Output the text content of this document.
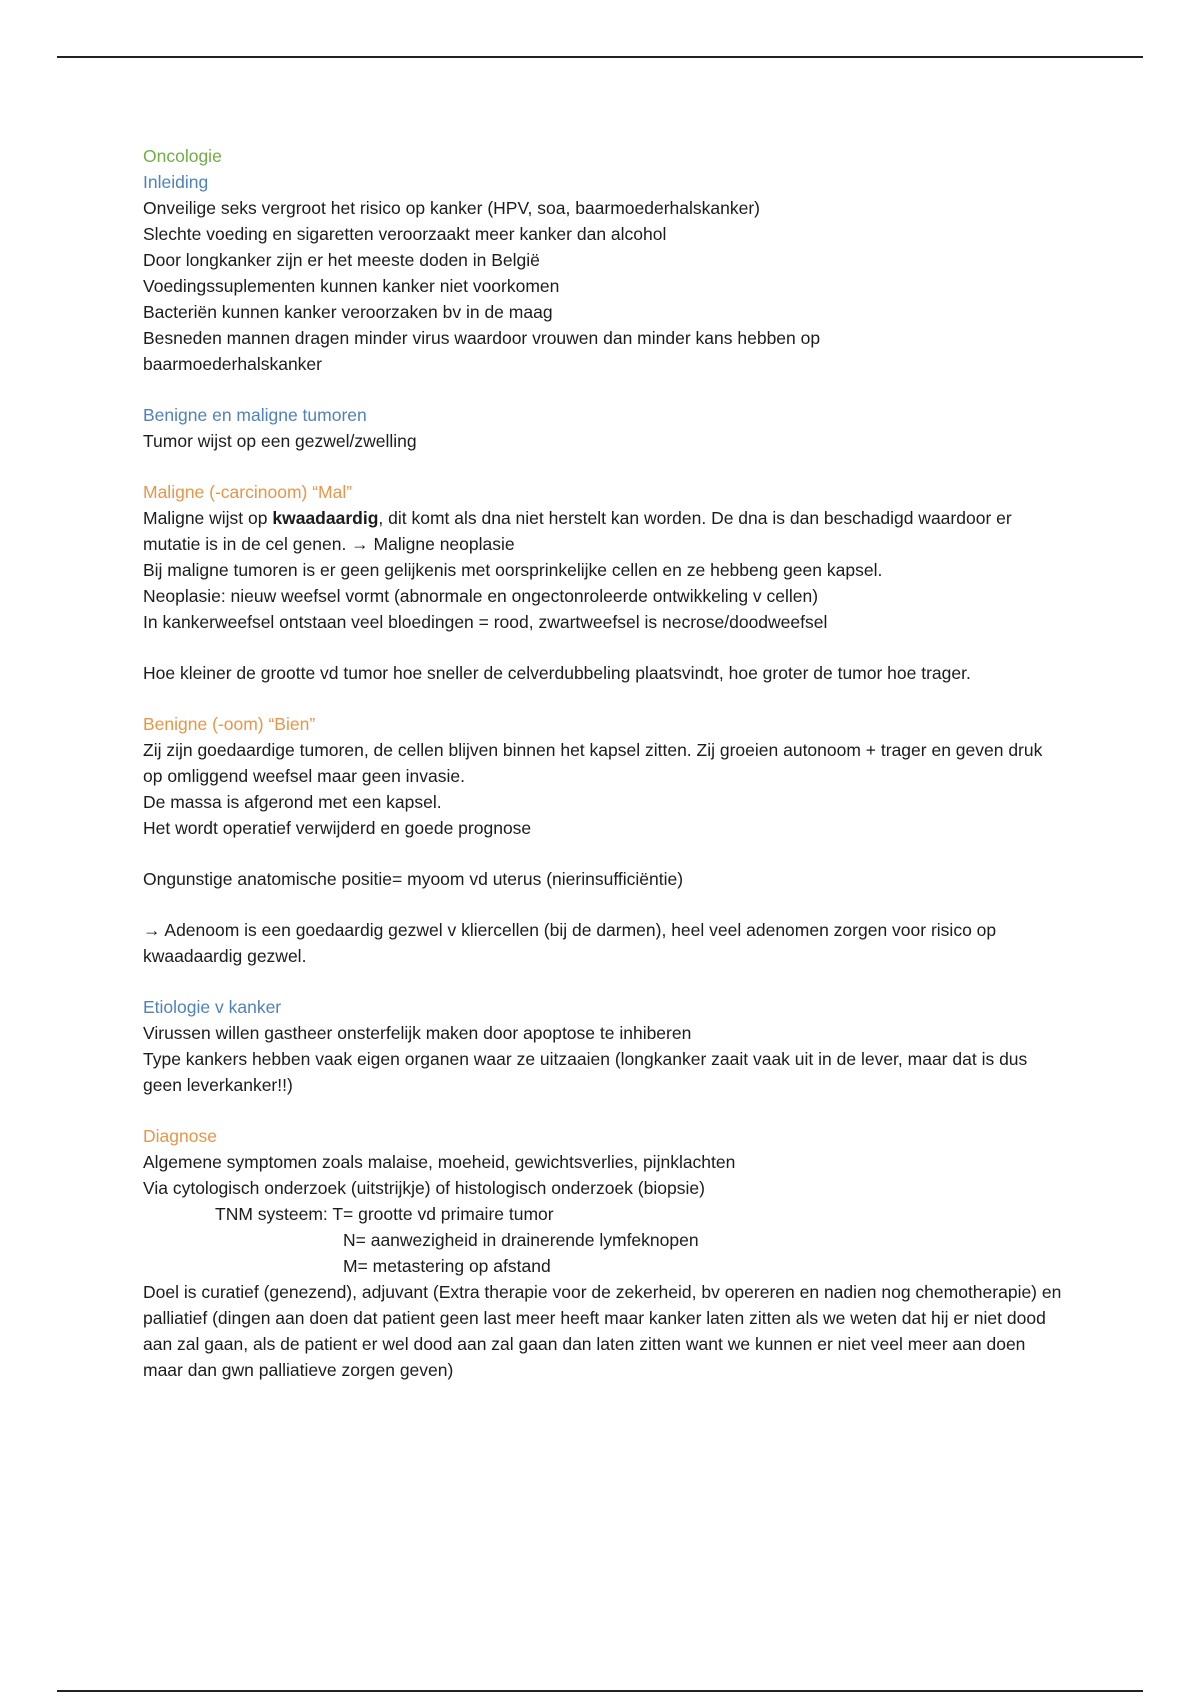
Oncologie

Inleiding

Onveilige seks vergroot het risico op kanker (HPV, soa, baarmoederhalskanker)

Slechte voeding en sigaretten veroorzaakt meer kanker dan alcohol

Door longkanker zijn er het meeste doden in België

Voedingssuplementen kunnen kanker niet voorkomen

Bacteriën kunnen kanker veroorzaken bv in de maag

Besneden mannen dragen minder virus waardoor vrouwen dan minder kans hebben op baarmoederhalskanker

Benigne en maligne tumoren

Tumor wijst op een gezwel/zwelling

Maligne (-carcinoom) “Mal”

Maligne wijst op kwaadaardig, dit komt als dna niet herstelt kan worden. De dna is dan beschadigd waardoor er mutatie is in de cel genen. → Maligne neoplasie

Bij maligne tumoren is er geen gelijkenis met oorsprinkelijke cellen en ze hebbeng geen kapsel.

Neoplasie: nieuw weefsel vormt (abnormale en ongectonroleerde ontwikkeling v cellen)

In kankerweefsel ontstaan veel bloedingen = rood, zwartweefsel is necrose/doodweefsel

Hoe kleiner de grootte vd tumor hoe sneller de celverdubbeling plaatsvindt, hoe groter de tumor hoe trager.

Benigne (-oom) “Bien”

Zij zijn goedaardige tumoren, de cellen blijven binnen het kapsel zitten. Zij groeien autonoom + trager en geven druk op omliggend weefsel maar geen invasie.

De massa is afgerond met een kapsel.

Het wordt operatief verwijderd en goede prognose

Ongunstige anatomische positie= myoom vd uterus (nierinsufficiëntie)

→ Adenoom is een goedaardig gezwel v kliercellen (bij de darmen), heel veel adenomen zorgen voor risico op kwaadaardig gezwel.

Etiologie v kanker

Virussen willen gastheer onsterfelijk maken door apoptose te inhiberen

Type kankers hebben vaak eigen organen waar ze uitzaaien (longkanker zaait vaak uit in de lever, maar dat is dus geen leverkanker!!)

Diagnose

Algemene symptomen zoals malaise, moeheid, gewichtsverlies, pijnklachten

Via cytologisch onderzoek (uitstrijkje) of histologisch onderzoek (biopsie)

TNM systeem: T= grootte vd primaire tumor

N= aanwezigheid in drainerende lymfeknopen

M= metastering op afstand

Doel is curatief (genezend), adjuvant (Extra therapie voor de zekerheid, bv opereren en nadien nog chemotherapie) en palliatief (dingen aan doen dat patient geen last meer heeft maar kanker laten zitten als we weten dat hij er niet dood aan zal gaan, als de patient er wel dood aan zal gaan dan laten zitten want we kunnen er niet veel meer aan doen maar dan gwn palliatieve zorgen geven)
